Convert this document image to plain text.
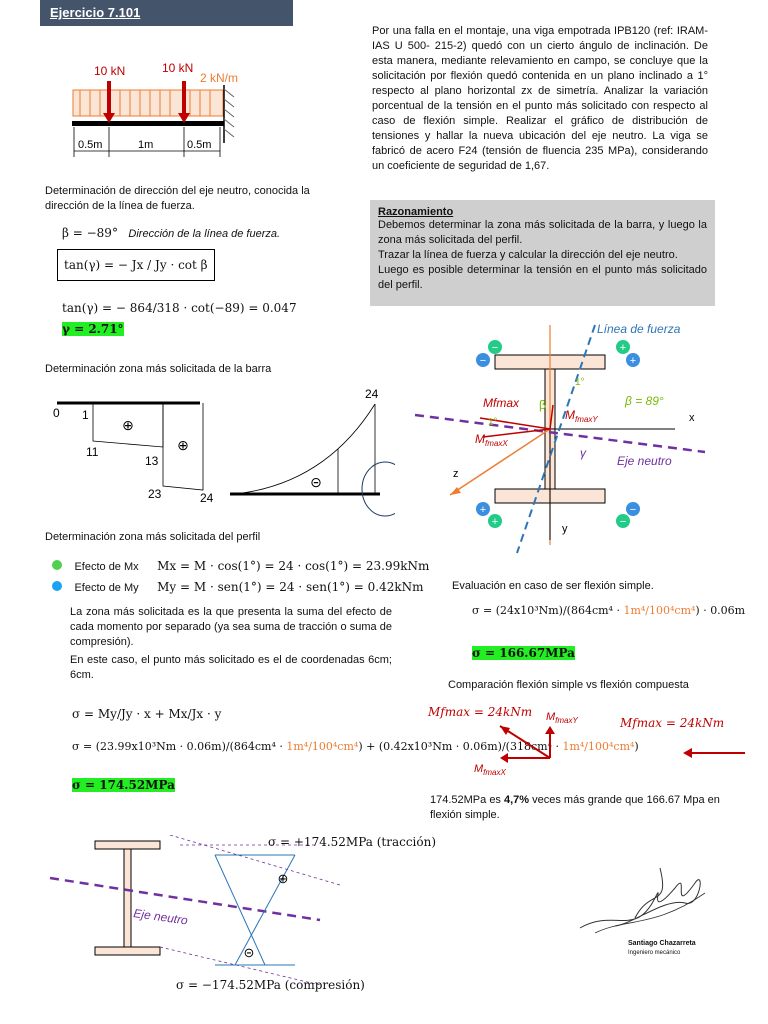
Ejercicio 7.101
Por una falla en el montaje, una viga empotrada IPB120 (ref: IRAM-IAS U 500- 215-2) quedó con un cierto ángulo de inclinación. De esta manera, mediante relevamiento en campo, se concluye que la solicitación por flexión quedó contenida en un plano inclinado a 1° respecto al plano horizontal zx de simetría. Analizar la variación porcentual de la tensión en el punto más solicitado con respecto al caso de flexión simple. Realizar el gráfico de distribución de tensiones y hallar la nueva ubicación del eje neutro. La viga se fabricó de acero F24 (tensión de fluencia 235 MPa), considerando un coeficiente de seguridad de 1,67.
10 kN	10 kN
2 kN/m
0.5m	1m	0.5m
Razonamiento
Debemos determinar la zona más solicitada de la barra, y luego la zona más solicitada del perfil.
Trazar la línea de fuerza y calcular la dirección del eje neutro.
Luego es posible determinar la tensión en el punto más solicitado del perfil.
Determinación de dirección del eje neutro, conocida la dirección de la línea de fuerza.
β = −89° Dirección de la línea de fuerza.
tan(γ) = − Jx / Jy · cot β
tan(γ) = − 864/318 · cot(−89) = 0.047
γ = 2.71°
Determinación zona más solicitada de la barra
⊕
⊕
0 1
11
13
23	24
⊝
24
−
−
+
+
+
+
−
−
Línea de fuerza
Mfmax β
1°
1°
β = 89°
x
y
z
γ
Eje neutro
$M_{fmaxY}$
$M_{fmaxX}$
Determinación zona más solicitada del perfil
Efecto de Mx Mx = M · cos(1°) = 24 · cos(1°) = 23.99kNm
Efecto de My My = M · sen(1°) = 24 · sen(1°) = 0.42kNm
La zona más solicitada es la que presenta la suma del efecto de cada momento por separado (ya sea suma de tracción o suma de compresión).
En este caso, el punto más solicitado es el de coordenadas 6cm; 6cm.
σ = My/Jy · x + Mx/Jx · y
σ = (23.99x10³Nm · 0.06m)/(864cm⁴ · 1m⁴/100⁴cm⁴) + (0.42x10³Nm · 0.06m)/(318cm⁴ · 1m⁴/100⁴cm⁴)
σ = 174.52MPa
Evaluación en caso de ser flexión simple.
σ = (24x10³Nm)/(864cm⁴ · 1m⁴/100⁴cm⁴) · 0.06m
σ = 166.67MPa
Comparación flexión simple vs flexión compuesta
Mfmax = 24kNm
Mfmax = 24kNm
$M_{fmaxY}$
$M_{fmaxX}$
174.52MPa es 4,7% veces más grande que 166.67 Mpa en flexión simple.
σ = +174.52MPa (tracción)
⊕
⊝
Eje neutro
σ = −174.52MPa (compresión)
Santiago Chazarreta
Ingeniero mecánico
